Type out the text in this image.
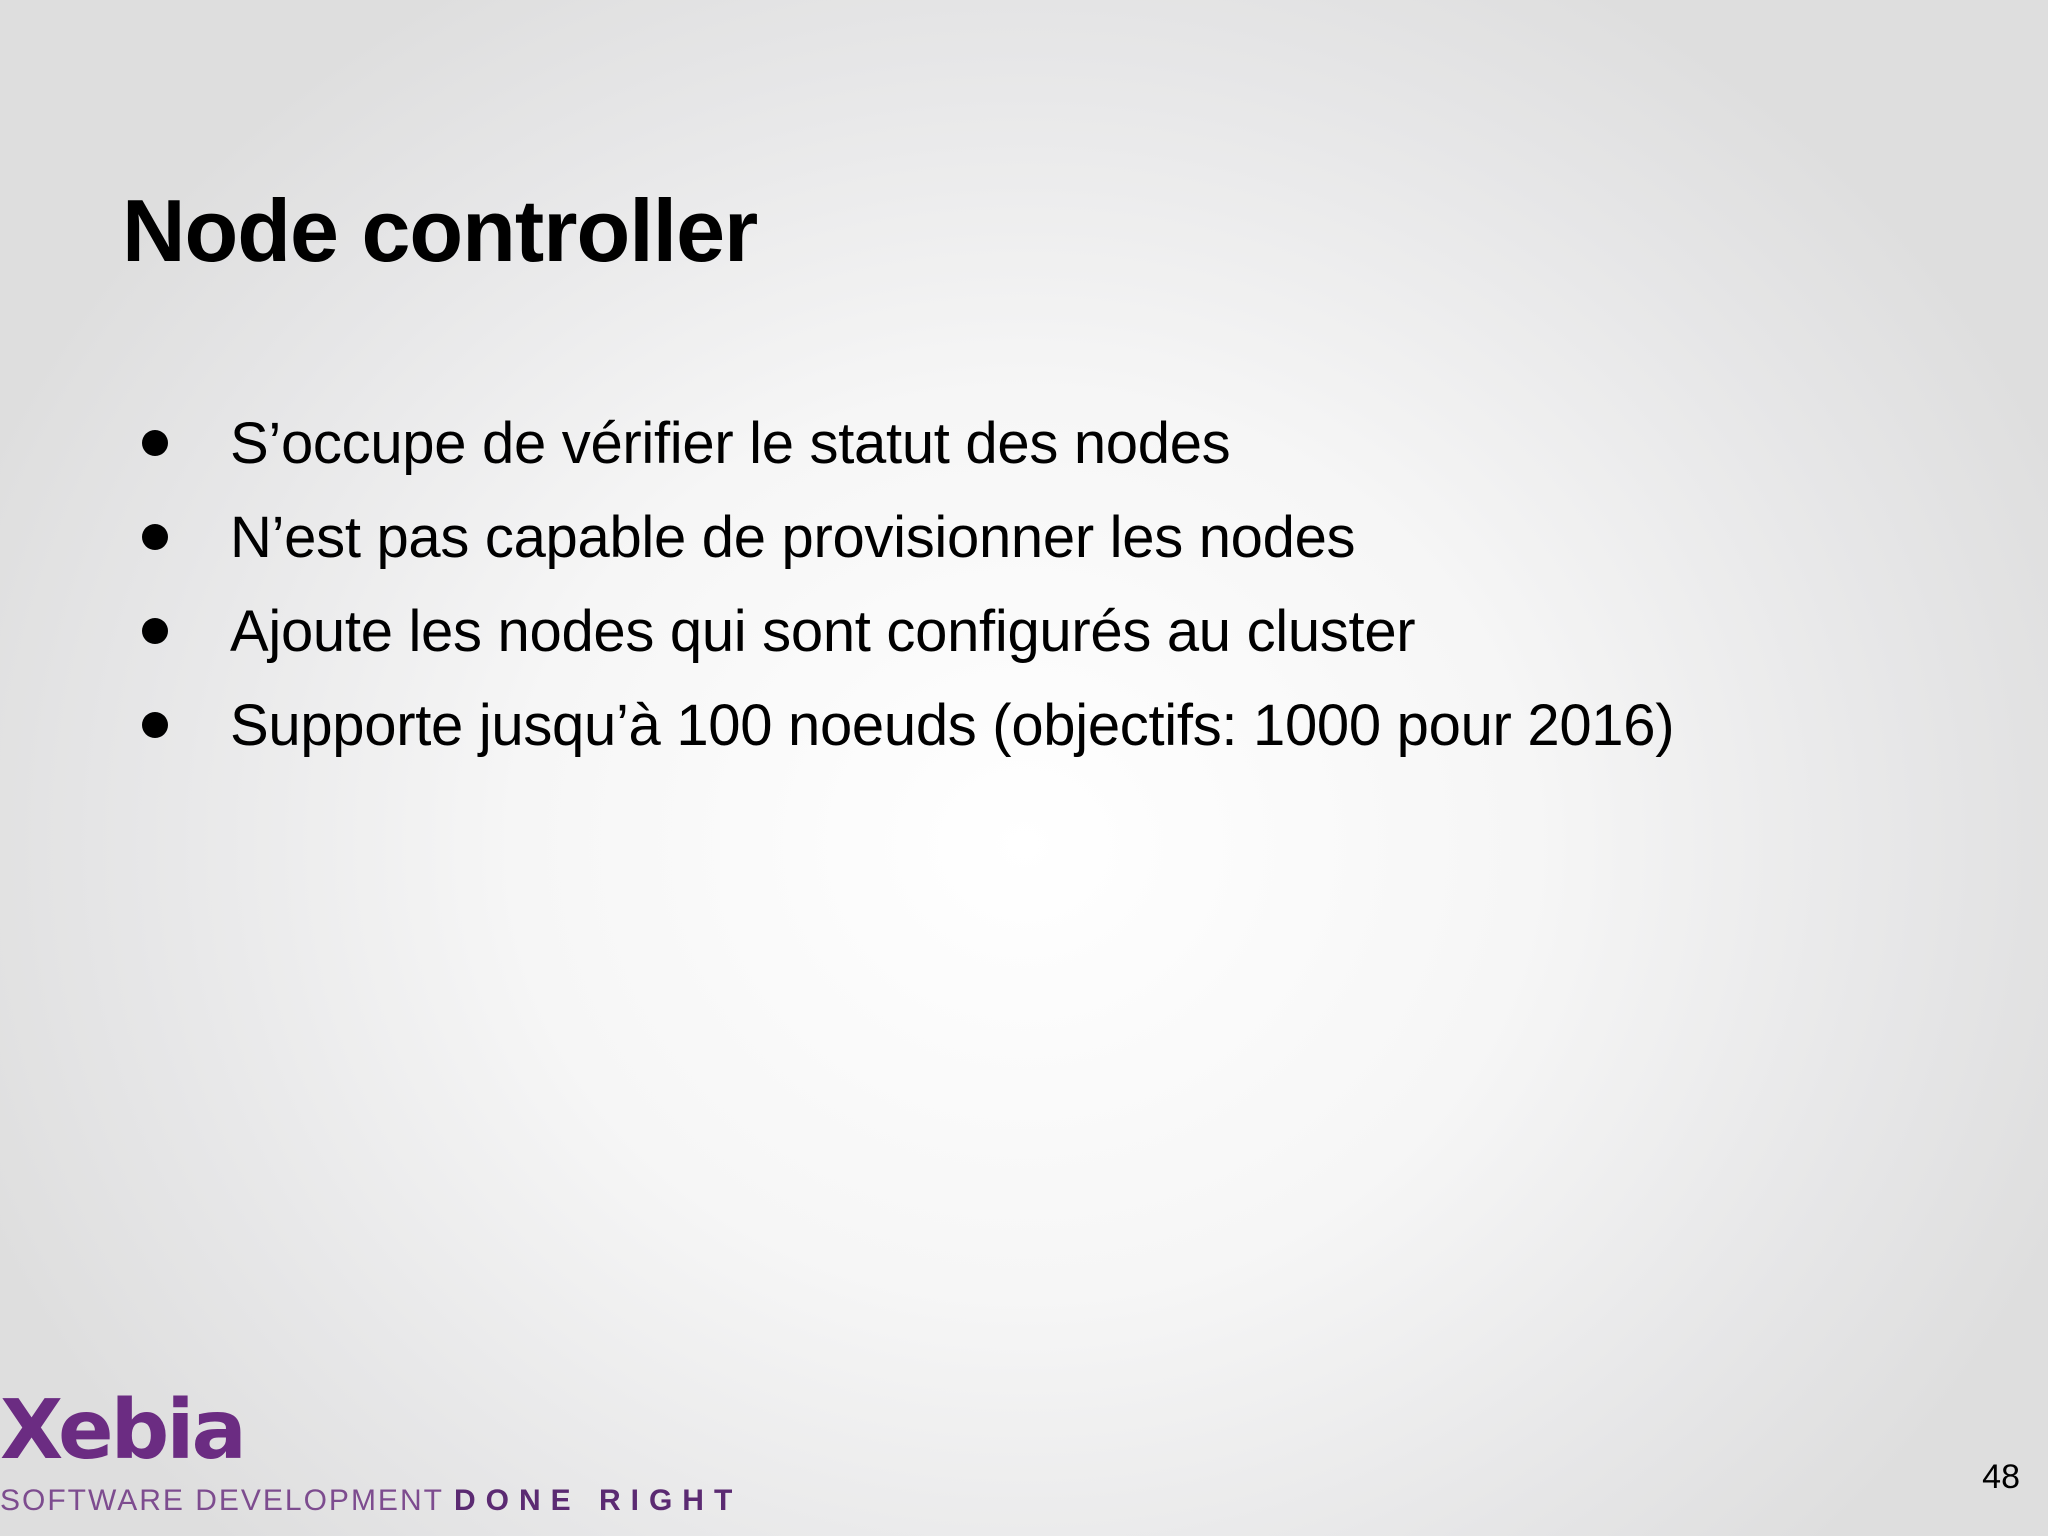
Node controller
S’occupe de vérifier le statut des nodes
N’est pas capable de provisionner les nodes
Ajoute les nodes qui sont configurés au cluster
Supporte jusqu’à 100 noeuds (objectifs: 1000 pour 2016)
Xebia
SOFTWARE DEVELOPMENT DONE RIGHT
48
